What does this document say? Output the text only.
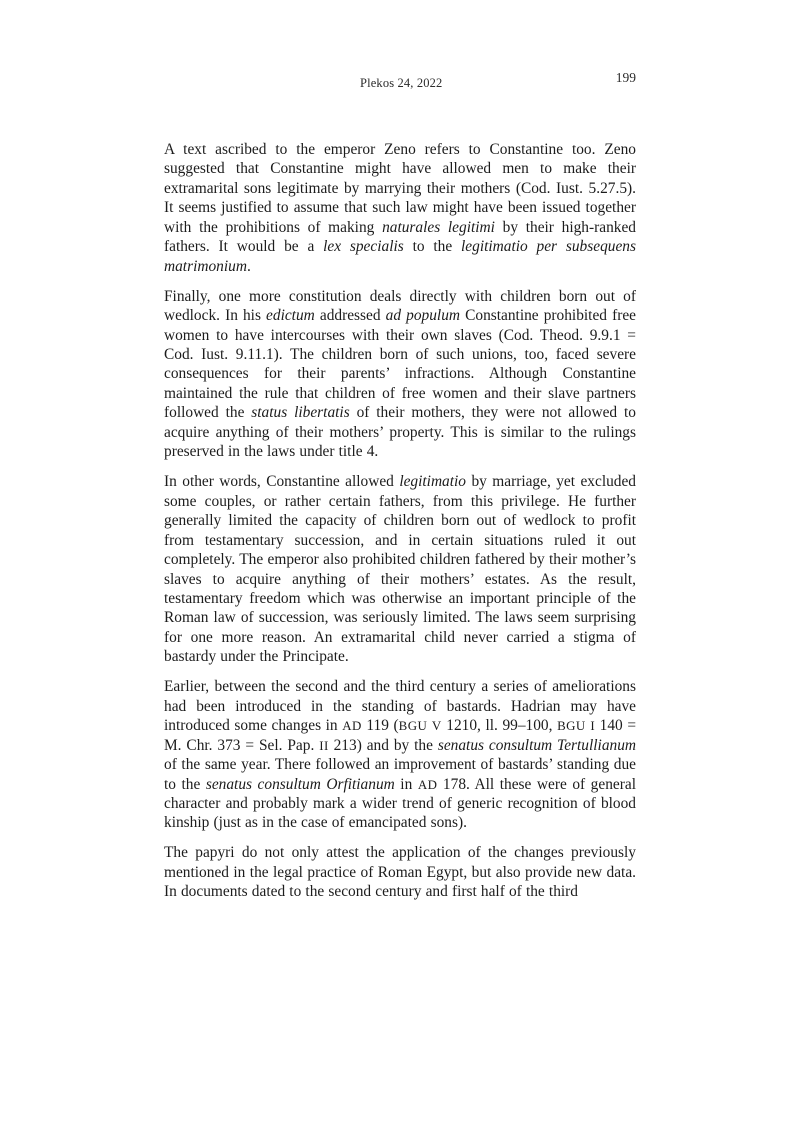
Plekos 24, 2022	199

A text ascribed to the emperor Zeno refers to Constantine too. Zeno suggested that Constantine might have allowed men to make their extramarital sons legitimate by marrying their mothers (Cod. Iust. 5.27.5). It seems justified to assume that such law might have been issued together with the prohibitions of making naturales legitimi by their high-ranked fathers. It would be a lex specialis to the legitimatio per subsequens matrimonium.

Finally, one more constitution deals directly with children born out of wedlock. In his edictum addressed ad populum Constantine prohibited free women to have intercourses with their own slaves (Cod. Theod. 9.9.1 = Cod. Iust. 9.11.1). The children born of such unions, too, faced severe consequences for their parents’ infractions. Although Constantine maintained the rule that children of free women and their slave partners followed the status libertatis of their mothers, they were not allowed to acquire anything of their mothers’ property. This is similar to the rulings preserved in the laws under title 4.

In other words, Constantine allowed legitimatio by marriage, yet excluded some couples, or rather certain fathers, from this privilege. He further generally limited the capacity of children born out of wedlock to profit from testamentary succession, and in certain situations ruled it out completely. The emperor also prohibited children fathered by their mother’s slaves to acquire anything of their mothers’ estates. As the result, testamentary freedom which was otherwise an important principle of the Roman law of succession, was seriously limited. The laws seem surprising for one more reason. An extramarital child never carried a stigma of bastardy under the Principate.

Earlier, between the second and the third century a series of ameliorations had been introduced in the standing of bastards. Hadrian may have introduced some changes in AD 119 (BGU V 1210, ll. 99–100, BGU I 140 = M. Chr. 373 = Sel. Pap. II 213) and by the senatus consultum Tertullianum of the same year. There followed an improvement of bastards’ standing due to the senatus consultum Orfitianum in AD 178. All these were of general character and probably mark a wider trend of generic recognition of blood kinship (just as in the case of emancipated sons).

The papyri do not only attest the application of the changes previously mentioned in the legal practice of Roman Egypt, but also provide new data. In documents dated to the second century and first half of the third
